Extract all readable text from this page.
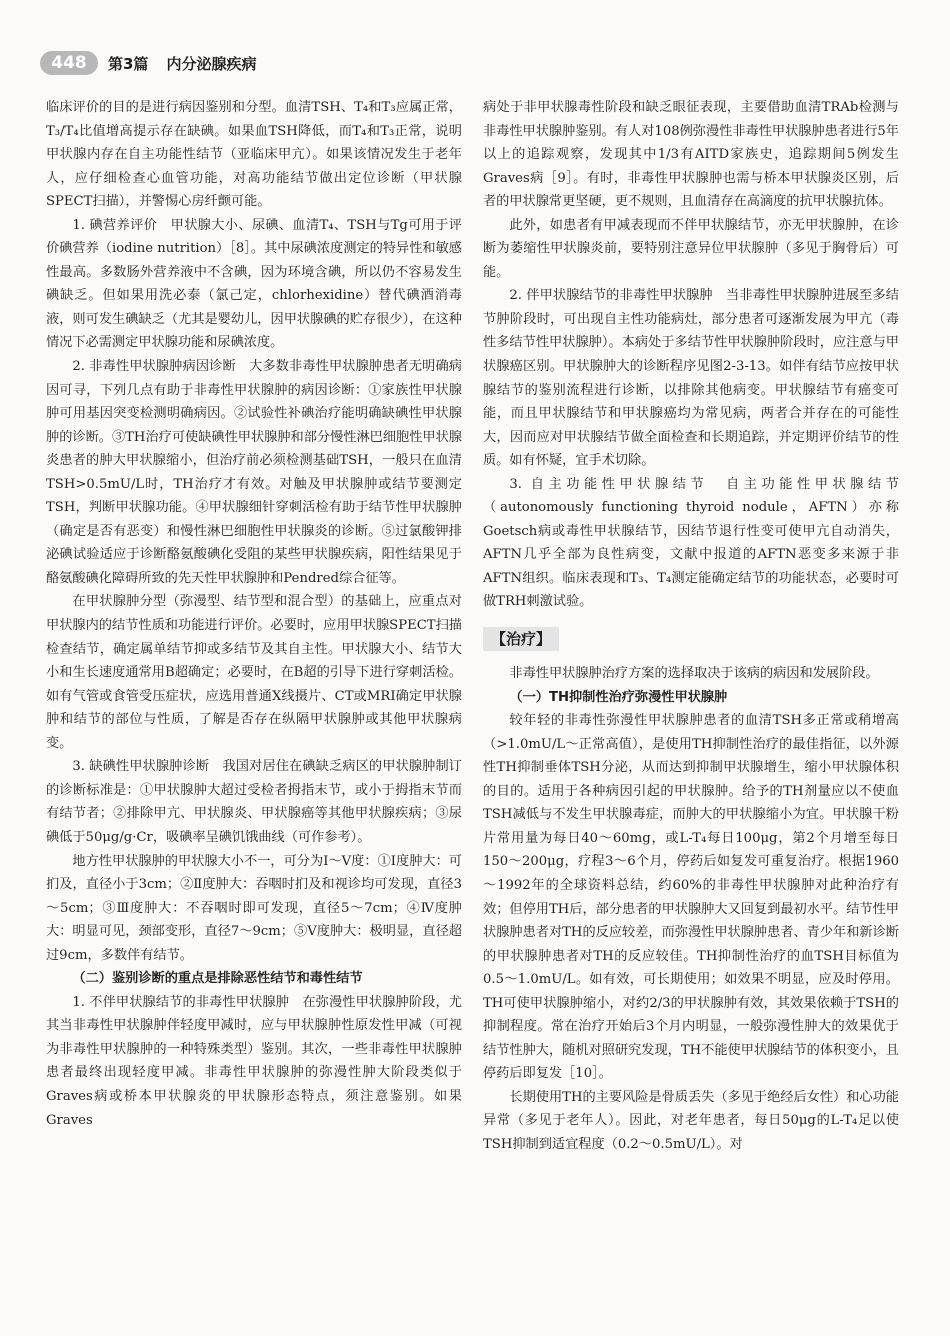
448	第3篇 内分泌腺疾病

临床评价的目的是进行病因鉴别和分型。血清TSH、T₄和T₃应属正常，T₃/T₄比值增高提示存在缺碘。如果血TSH降低，而T₄和T₃正常，说明甲状腺内存在自主功能性结节（亚临床甲亢）。如果该情况发生于老年人，应仔细检查心血管功能，对高功能结节做出定位诊断（甲状腺SPECT扫描），并警惕心房纤颤可能。

1. 碘营养评价　甲状腺大小、尿碘、血清T₄、TSH与Tg可用于评价碘营养（iodine nutrition）［8］。其中尿碘浓度测定的特异性和敏感性最高。多数肠外营养液中不含碘，因为环境含碘，所以仍不容易发生碘缺乏。但如果用洗必泰（氯己定，chlorhexidine）替代碘酒消毒液，则可发生碘缺乏（尤其是婴幼儿，因甲状腺碘的贮存很少），在这种情况下必需测定甲状腺功能和尿碘浓度。

2. 非毒性甲状腺肿病因诊断　大多数非毒性甲状腺肿患者无明确病因可寻，下列几点有助于非毒性甲状腺肿的病因诊断：①家族性甲状腺肿可用基因突变检测明确病因。②试验性补碘治疗能明确缺碘性甲状腺肿的诊断。③TH治疗可使缺碘性甲状腺肿和部分慢性淋巴细胞性甲状腺炎患者的肿大甲状腺缩小，但治疗前必须检测基础TSH，一般只在血清TSH>0.5mU/L时，TH治疗才有效。对触及甲状腺肿或结节要测定TSH，判断甲状腺功能。④甲状腺细针穿刺活检有助于结节性甲状腺肿（确定是否有恶变）和慢性淋巴细胞性甲状腺炎的诊断。⑤过氯酸钾排泌碘试验适应于诊断酪氨酸碘化受阻的某些甲状腺疾病，阳性结果见于酪氨酸碘化障碍所致的先天性甲状腺肿和Pendred综合征等。

在甲状腺肿分型（弥漫型、结节型和混合型）的基础上，应重点对甲状腺内的结节性质和功能进行评价。必要时，应用甲状腺SPECT扫描检查结节，确定属单结节抑或多结节及其自主性。甲状腺大小、结节大小和生长速度通常用B超确定；必要时，在B超的引导下进行穿刺活检。如有气管或食管受压症状，应选用普通X线摄片、CT或MRI确定甲状腺肿和结节的部位与性质，了解是否存在纵隔甲状腺肿或其他甲状腺病变。

3. 缺碘性甲状腺肿诊断　我国对居住在碘缺乏病区的甲状腺肿制订的诊断标准是：①甲状腺肿大超过受检者拇指末节，或小于拇指末节而有结节者；②排除甲亢、甲状腺炎、甲状腺癌等其他甲状腺疾病；③尿碘低于50μg/g·Cr，吸碘率呈碘饥饿曲线（可作参考）。

地方性甲状腺肿的甲状腺大小不一，可分为Ⅰ～Ⅴ度：①Ⅰ度肿大：可扪及，直径小于3cm；②Ⅱ度肿大：吞咽时扪及和视诊均可发现，直径3～5cm；③Ⅲ度肿大：不吞咽时即可发现，直径5～7cm；④Ⅳ度肿大：明显可见，颈部变形，直径7～9cm；⑤Ⅴ度肿大：极明显，直径超过9cm，多数伴有结节。

（二）鉴别诊断的重点是排除恶性结节和毒性结节

1. 不伴甲状腺结节的非毒性甲状腺肿　在弥漫性甲状腺肿阶段，尤其当非毒性甲状腺肿伴轻度甲减时，应与甲状腺肿性原发性甲减（可视为非毒性甲状腺肿的一种特殊类型）鉴别。其次，一些非毒性甲状腺肿患者最终出现轻度甲减。非毒性甲状腺肿的弥漫性肿大阶段类似于Graves病或桥本甲状腺炎的甲状腺形态特点，须注意鉴别。如果Graves

病处于非甲状腺毒性阶段和缺乏眼征表现，主要借助血清TRAb检测与非毒性甲状腺肿鉴别。有人对108例弥漫性非毒性甲状腺肿患者进行5年以上的追踪观察，发现其中1/3有AITD家族史，追踪期间5例发生Graves病［9］。有时，非毒性甲状腺肿也需与桥本甲状腺炎区别，后者的甲状腺常更坚硬，更不规则，且血清存在高滴度的抗甲状腺抗体。

此外，如患者有甲减表现而不伴甲状腺结节，亦无甲状腺肿，在诊断为萎缩性甲状腺炎前，要特别注意异位甲状腺肿（多见于胸骨后）可能。

2. 伴甲状腺结节的非毒性甲状腺肿　当非毒性甲状腺肿进展至多结节肿阶段时，可出现自主性功能病灶，部分患者可逐渐发展为甲亢（毒性多结节性甲状腺肿）。本病处于多结节性甲状腺肿阶段时，应注意与甲状腺癌区别。甲状腺肿大的诊断程序见图2-3-13。如伴有结节应按甲状腺结节的鉴别流程进行诊断，以排除其他病变。甲状腺结节有癌变可能，而且甲状腺结节和甲状腺癌均为常见病，两者合并存在的可能性大，因而应对甲状腺结节做全面检查和长期追踪，并定期评价结节的性质。如有怀疑，宜手术切除。

3. 自主功能性甲状腺结节　自主功能性甲状腺结节（autonomously functioning thyroid nodule，AFTN）亦称Goetsch病或毒性甲状腺结节，因结节退行性变可使甲亢自动消失，AFTN几乎全部为良性病变，文献中报道的AFTN恶变多来源于非AFTN组织。临床表现和T₃、T₄测定能确定结节的功能状态，必要时可做TRH刺激试验。

【治疗】

非毒性甲状腺肿治疗方案的选择取决于该病的病因和发展阶段。

（一）TH抑制性治疗弥漫性甲状腺肿

较年轻的非毒性弥漫性甲状腺肿患者的血清TSH多正常或稍增高（>1.0mU/L～正常高值），是使用TH抑制性治疗的最佳指征，以外源性TH抑制垂体TSH分泌，从而达到抑制甲状腺增生，缩小甲状腺体积的目的。适用于各种病因引起的甲状腺肿。给予的TH剂量应以不使血TSH减低与不发生甲状腺毒症，而肿大的甲状腺缩小为宜。甲状腺干粉片常用量为每日40～60mg，或L-T₄每日100μg，第2个月增至每日150～200μg，疗程3～6个月，停药后如复发可重复治疗。根据1960～1992年的全球资料总结，约60%的非毒性甲状腺肿对此种治疗有效；但停用TH后，部分患者的甲状腺肿大又回复到最初水平。结节性甲状腺肿患者对TH的反应较差，而弥漫性甲状腺肿患者、青少年和新诊断的甲状腺肿患者对TH的反应较佳。TH抑制性治疗的血TSH目标值为0.5～1.0mU/L。如有效，可长期使用；如效果不明显，应及时停用。TH可使甲状腺肿缩小，对约2/3的甲状腺肿有效，其效果依赖于TSH的抑制程度。常在治疗开始后3个月内明显，一般弥漫性肿大的效果优于结节性肿大，随机对照研究发现，TH不能使甲状腺结节的体积变小，且停药后即复发［10］。

长期使用TH的主要风险是骨质丢失（多见于绝经后女性）和心功能异常（多见于老年人）。因此，对老年患者，每日50μg的L-T₄足以使TSH抑制到适宜程度（0.2～0.5mU/L）。对
